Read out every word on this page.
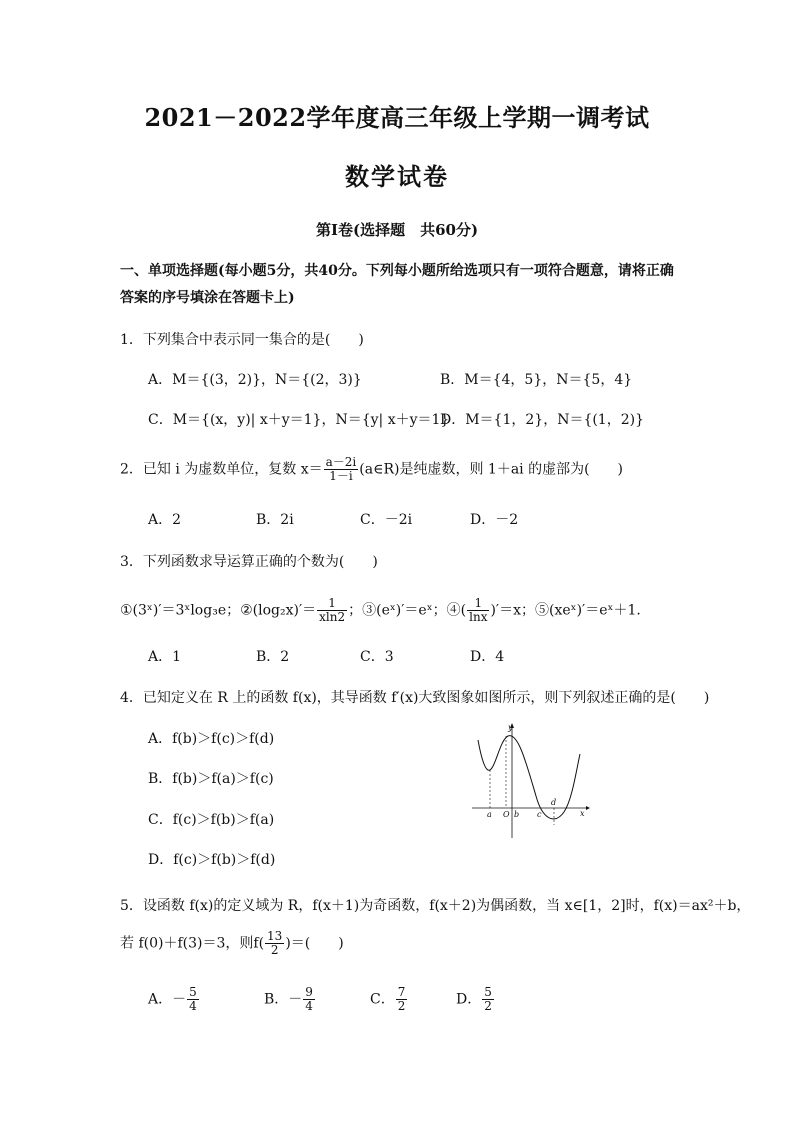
2021－2022学年度高三年级上学期一调考试
数学试卷
第Ⅰ卷(选择题　共60分)
一、单项选择题(每小题5分，共40分。下列每小题所给选项只有一项符合题意，请将正确答案的序号填涂在答题卡上)
1．下列集合中表示同一集合的是(　　)
A．M＝{(3，2)}，N＝{(2，3)}	B．M＝{4，5}，N＝{5，4}
C．M＝{(x，y)| x＋y＝1}，N＝{y| x＋y＝1}
D．M＝{1，2}，N＝{(1，2)}
2．已知 i 为虚数单位，复数 $x= \frac{a-2i}{1-i}$ (a∈R)是纯虚数，则 1＋ai 的虚部为(　　)
A．2	B．2i	C．－2i	D．－2
3．下列函数求导运算正确的个数为(　　)
①(3ˣ)′＝3ˣlog₃e；②(log₂x)′＝ $\frac{1}{xln2}$ ；③(eˣ)′＝eˣ；④( $\frac{1}{\ln x} )'=x$；⑤(xeˣ)′＝eˣ＋1.
A．1	B．2	C．3	D．4
4．已知定义在 R 上的函数 f(x)，其导函数 f′(x)大致图象如图所示，则下列叙述正确的是(　　)
A．f(b)＞f(c)＞f(d)
B．f(b)＞f(a)＞f(c)
C．f(c)＞f(b)＞f(a)
D．f(c)＞f(b)＞f(d)
y
x
a O b c
d
5．设函数 f(x)的定义域为 R，f(x＋1)为奇函数，f(x＋2)为偶函数，当 x∈[1，2]时，f(x)＝ax²＋b，
若 f(0)＋f(3)＝3，则$f( \frac{13}{2}$ )＝(　　)
A．－ $\frac{5}{4}$	B．－ $\frac{9}{4}$	C． $\frac{7}{2}$	D． $\frac{5}{2}$
